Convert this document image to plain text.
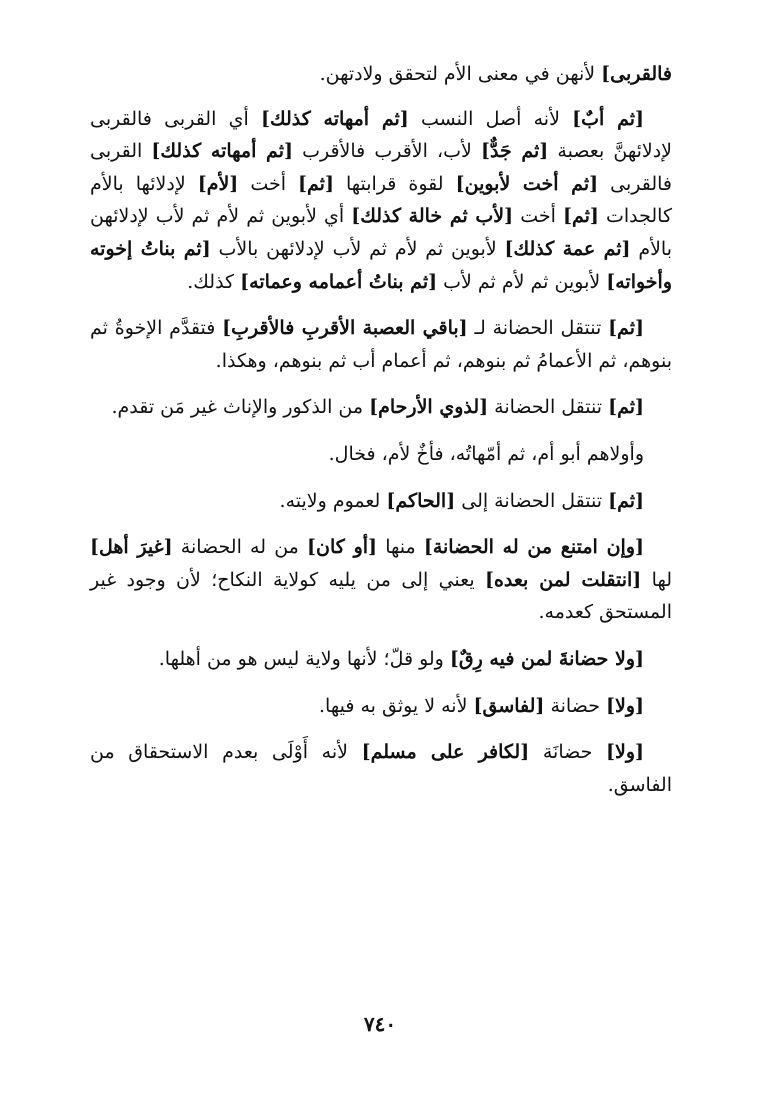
فالقربى] لأنهن في معنى الأم لتحقق ولادتهن.

[ثم أبٌ] لأنه أصل النسب [ثم أمهاته كذلك] أي القربى فالقربى لإدلائهنَّ بعصبة [ثم جَدٌّ] لأب، الأقرب فالأقرب [ثم أمهاته كذلك] القربى فالقربى [ثم أخت لأبوين] لقوة قرابتها [ثم] أخت [لأم] لإدلائها بالأم كالجدات [ثم] أخت [لأب ثم خالة كذلك] أي لأبوين ثم لأم ثم لأب لإدلائهن بالأم [ثم عمة كذلك] لأبوين ثم لأم ثم لأب لإدلائهن بالأب [ثم بناتُ إخوته وأخواته] لأبوين ثم لأم ثم لأب [ثم بناتُ أعمامه وعماته] كذلك.

[ثم] تنتقل الحضانة لـ [باقي العصبة الأقربِ فالأقربِ] فتقدَّم الإخوةُ ثم بنوهم، ثم الأعمامُ ثم بنوهم، ثم أعمام أب ثم بنوهم، وهكذا.

[ثم] تنتقل الحضانة [لذوي الأرحام] من الذكور والإناث غير مَن تقدم.

وأولاهم أبو أم، ثم أمّهاتُه، فأخٌ لأم، فخال.

[ثم] تنتقل الحضانة إلى [الحاكم] لعموم ولايته.

[وإن امتنع من له الحضانة] منها [أو كان] من له الحضانة [غيرَ أهل] لها [انتقلت لمن بعده] يعني إلى من يليه كولاية النكاح؛ لأن وجود غير المستحق كعدمه.

[ولا حضانةَ لمن فيه رِقٌ] ولو قلّ؛ لأنها ولاية ليس هو من أهلها.

[ولا] حضانة [لفاسق] لأنه لا يوثق به فيها.

[ولا] حضانَة [لكافر على مسلم] لأنه أَوْلَى بعدم الاستحقاق من الفاسق.

٧٤٠
